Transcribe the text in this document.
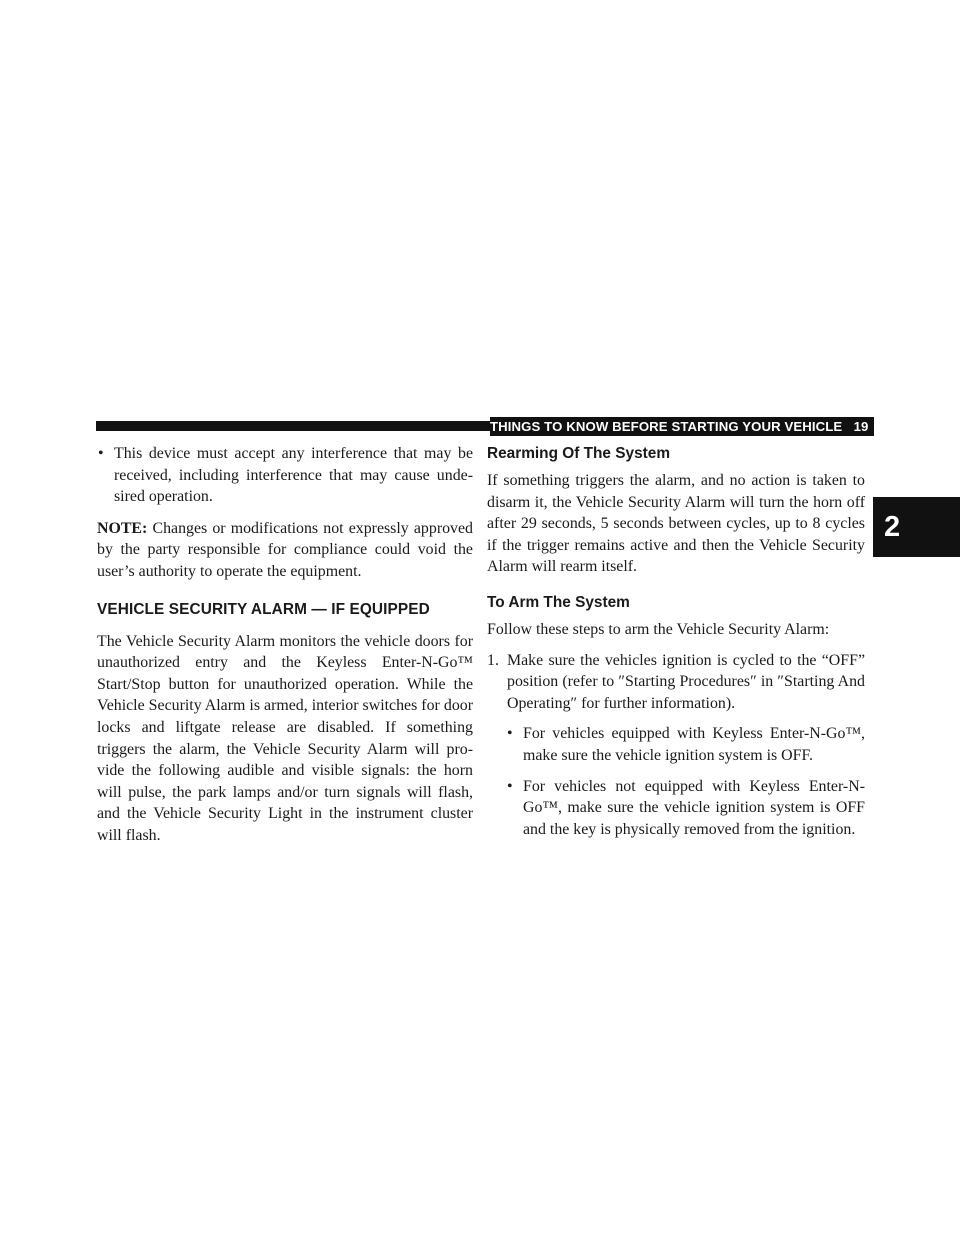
THINGS TO KNOW BEFORE STARTING YOUR VEHICLE 19
2
• This device must accept any interference that may be received, including interference that may cause unde-sired operation.

NOTE: Changes or modifications not expressly approved by the party responsible for compliance could void the user’s authority to operate the equipment.

VEHICLE SECURITY ALARM — IF EQUIPPED

The Vehicle Security Alarm monitors the vehicle doors for unauthorized entry and the Keyless Enter-N-Go™ Start/Stop button for unauthorized operation. While the Vehicle Security Alarm is armed, interior switches for door locks and liftgate release are disabled. If something triggers the alarm, the Vehicle Security Alarm will pro-vide the following audible and visible signals: the horn will pulse, the park lamps and/or turn signals will flash, and the Vehicle Security Light in the instrument cluster will flash.

Rearming Of The System

If something triggers the alarm, and no action is taken to disarm it, the Vehicle Security Alarm will turn the horn off after 29 seconds, 5 seconds between cycles, up to 8 cycles if the trigger remains active and then the Vehicle Security Alarm will rearm itself.

To Arm The System

Follow these steps to arm the Vehicle Security Alarm:

1. Make sure the vehicles ignition is cycled to the “OFF” position (refer to ″Starting Procedures″ in ″Starting And Operating″ for further information).
• For vehicles equipped with Keyless Enter-N-Go™, make sure the vehicle ignition system is OFF.
• For vehicles not equipped with Keyless Enter-N-Go™, make sure the vehicle ignition system is OFF and the key is physically removed from the ignition.
